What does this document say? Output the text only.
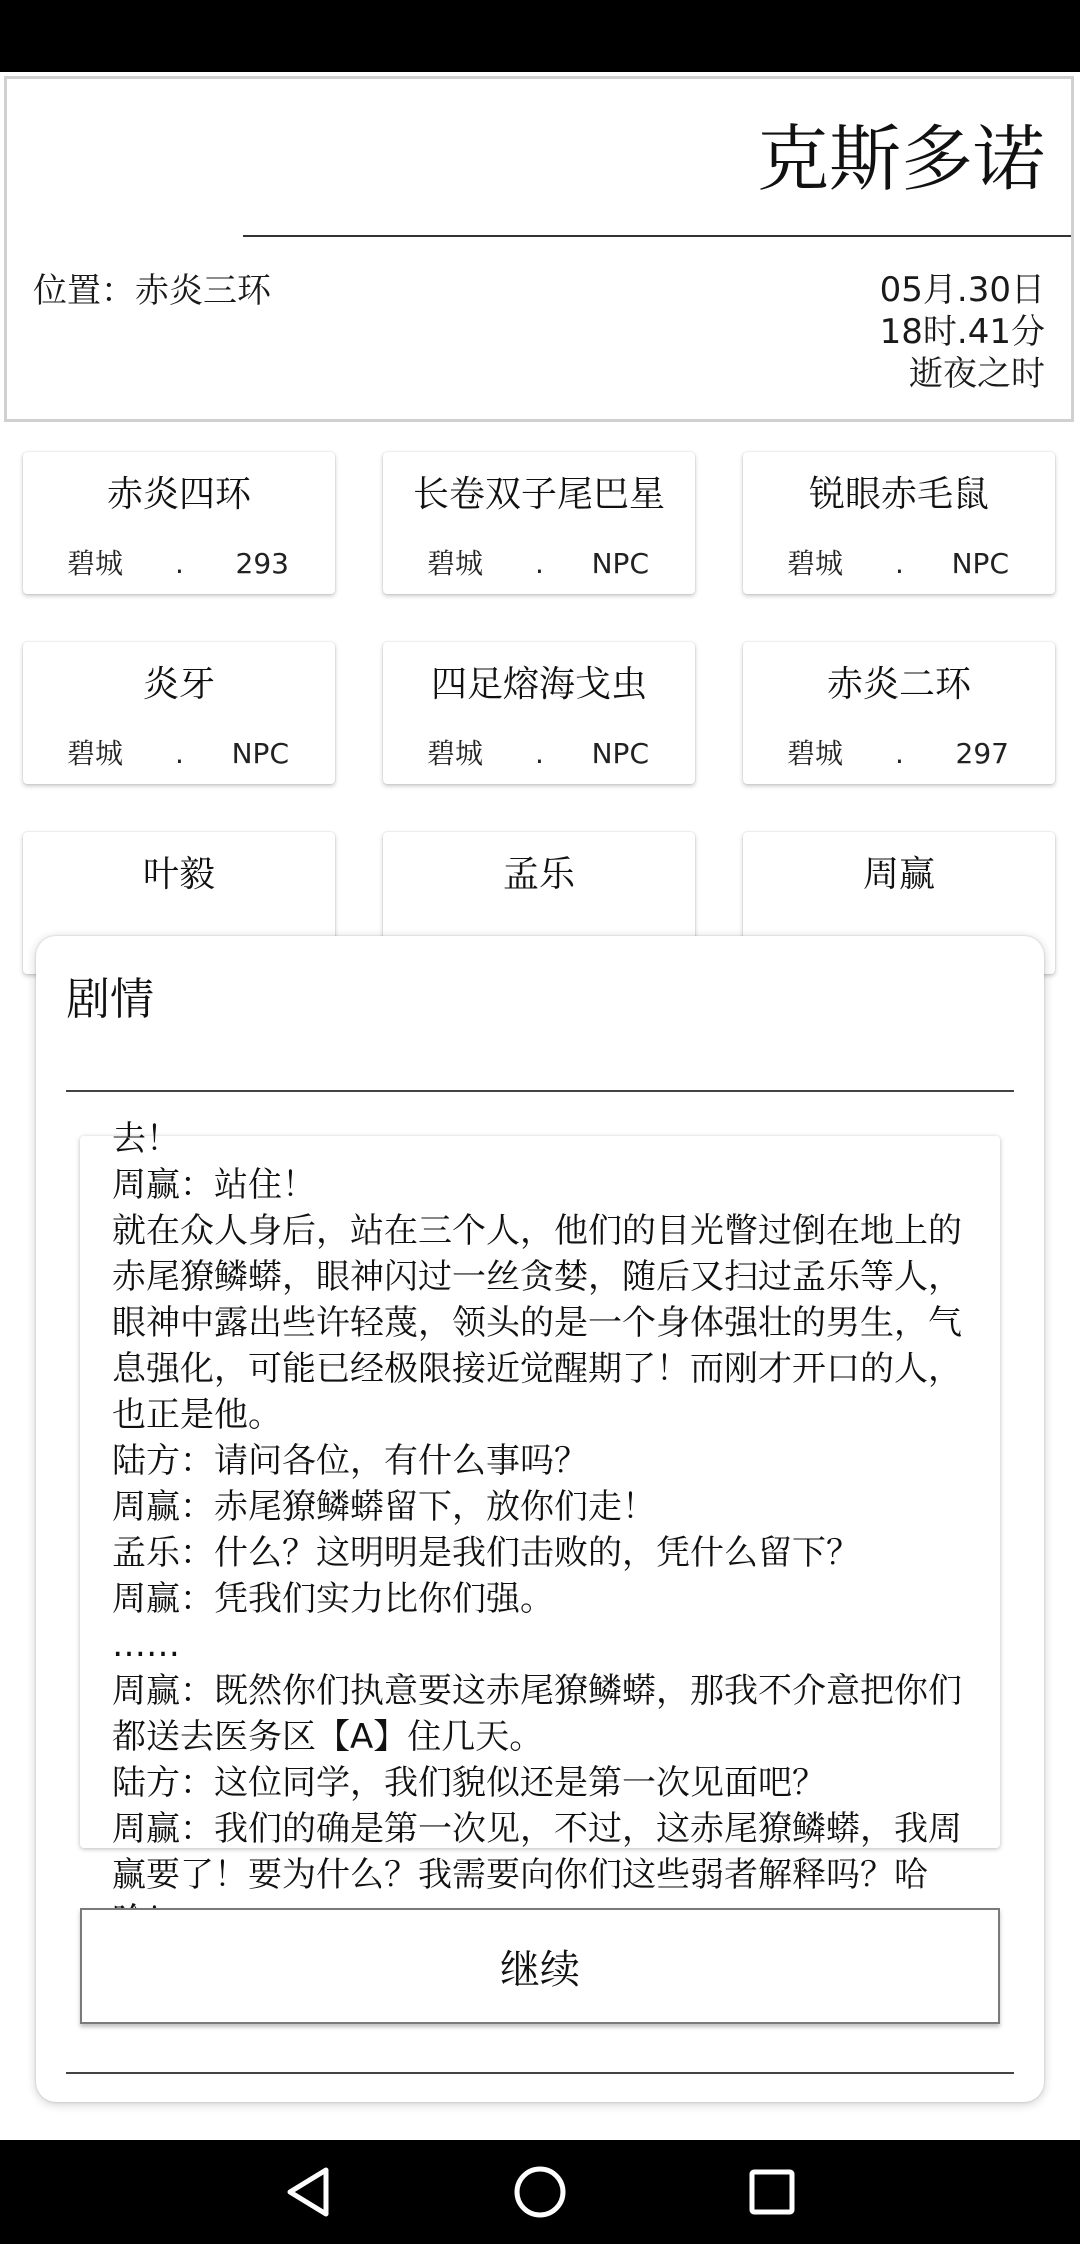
克斯多诺
位置：赤炎三环	05月.30日
18时.41分
逝夜之时
赤炎四环
碧城 . 293
长卷双子尾巴星
碧城 . NPC
锐眼赤毛鼠
碧城 . NPC
炎牙
碧城 . NPC
四足熔海戈虫
碧城 . NPC
赤炎二环
碧城 . 297
叶毅	孟乐	周赢
剧情

去！

周赢：站住！

就在众人身后，站在三个人，他们的目光瞥过倒在地上的赤尾獠鳞蟒，眼神闪过一丝贪婪，随后又扫过孟乐等人，眼神中露出些许轻蔑，领头的是一个身体强壮的男生，气息强化，可能已经极限接近觉醒期了！而刚才开口的人，也正是他。

陆方：请问各位，有什么事吗？

周赢：赤尾獠鳞蟒留下，放你们走！

孟乐：什么？这明明是我们击败的，凭什么留下？

周赢：凭我们实力比你们强。

……

周赢：既然你们执意要这赤尾獠鳞蟒，那我不介意把你们都送去医务区【A】住几天。

陆方：这位同学，我们貌似还是第一次见面吧？

周赢：我们的确是第一次见，不过，这赤尾獠鳞蟒，我周赢要了！要为什么？我需要向你们这些弱者解释吗？哈

继续
